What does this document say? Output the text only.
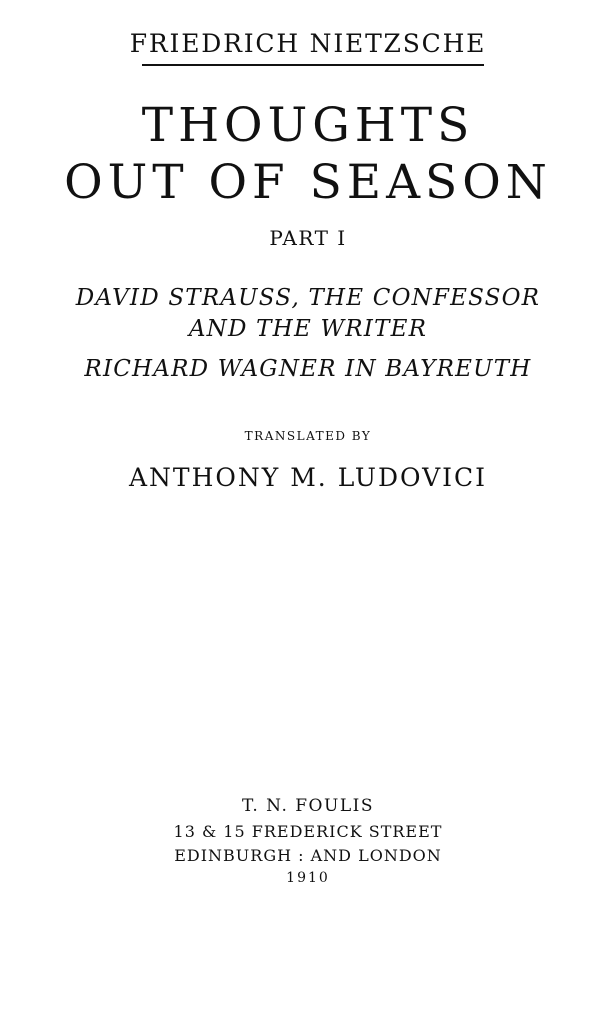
FRIEDRICH NIETZSCHE
THOUGHTS
OUT OF SEASON
PART I
DAVID STRAUSS, THE CONFESSOR
AND THE WRITER
RICHARD WAGNER IN BAYREUTH
TRANSLATED BY
ANTHONY M. LUDOVICI
T. N. FOULIS
13 & 15 FREDERICK STREET
EDINBURGH : AND LONDON
1910
